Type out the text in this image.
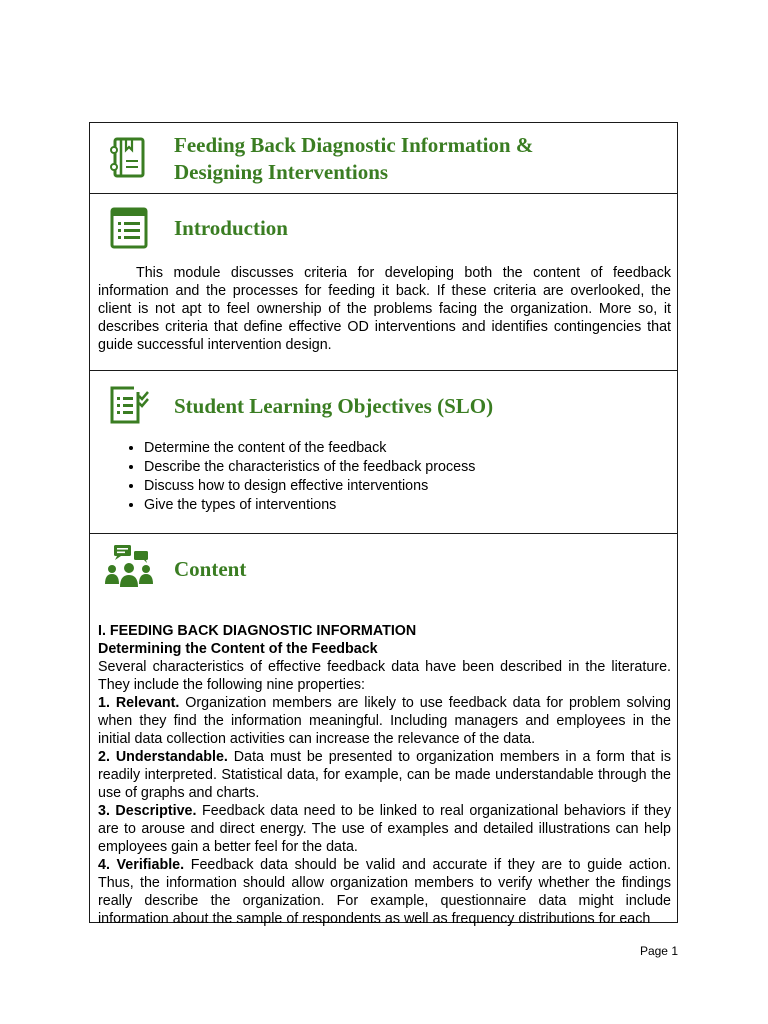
Feeding Back Diagnostic Information &
Designing Interventions
Introduction
This module discusses criteria for developing both the content of feedback information and the processes for feeding it back. If these criteria are overlooked, the client is not apt to feel ownership of the problems facing the organization. More so, it describes criteria that define effective OD interventions and identifies contingencies that guide successful intervention design.
Student Learning Objectives (SLO)
• Determine the content of the feedback
• Describe the characteristics of the feedback process
• Discuss how to design effective interventions
• Give the types of interventions
Content

I. FEEDING BACK DIAGNOSTIC INFORMATION

Determining the Content of the Feedback

Several characteristics of effective feedback data have been described in the literature. They include the following nine properties:

1. Relevant. Organization members are likely to use feedback data for problem solving when they find the information meaningful. Including managers and employees in the initial data collection activities can increase the relevance of the data.

2. Understandable. Data must be presented to organization members in a form that is readily interpreted. Statistical data, for example, can be made understandable through the use of graphs and charts.

3. Descriptive. Feedback data need to be linked to real organizational behaviors if they are to arouse and direct energy. The use of examples and detailed illustrations can help employees gain a better feel for the data.

4. Verifiable. Feedback data should be valid and accurate if they are to guide action. Thus, the information should allow organization members to verify whether the findings really describe the organization. For example, questionnaire data might include information about the sample of respondents as well as frequency distributions for each

Page 1
